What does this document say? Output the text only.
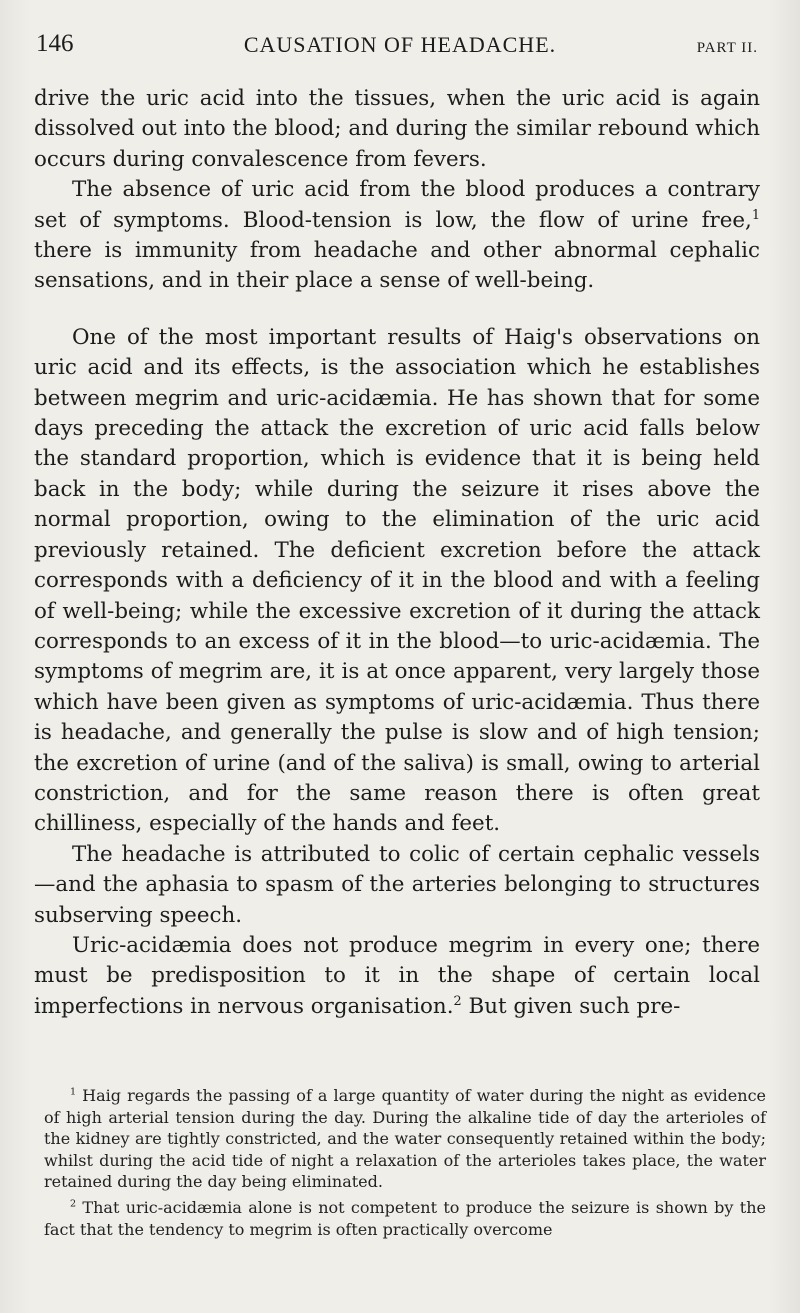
146	CAUSATION OF HEADACHE.	PART II.

drive the uric acid into the tissues, when the uric acid is again dissolved out into the blood; and during the similar rebound which occurs during convalescence from fevers.

The absence of uric acid from the blood produces a contrary set of symptoms. Blood-tension is low, the flow of urine free,$^1$ there is immunity from headache and other abnormal cephalic sensations, and in their place a sense of well-being.

One of the most important results of Haig's observations on uric acid and its effects, is the association which he establishes between megrim and uric-acidæmia. He has shown that for some days preceding the attack the excretion of uric acid falls below the standard proportion, which is evidence that it is being held back in the body; while during the seizure it rises above the normal proportion, owing to the elimination of the uric acid previously retained. The deficient excretion before the attack corresponds with a deficiency of it in the blood and with a feeling of well-being; while the excessive excretion of it during the attack corresponds to an excess of it in the blood—to uric-acidæmia. The symptoms of megrim are, it is at once apparent, very largely those which have been given as symptoms of uric-acidæmia. Thus there is headache, and generally the pulse is slow and of high tension; the excretion of urine (and of the saliva) is small, owing to arterial constriction, and for the same reason there is often great chilliness, especially of the hands and feet.

The headache is attributed to colic of certain cephalic vessels—and the aphasia to spasm of the arteries belonging to structures subserving speech.

Uric-acidæmia does not produce megrim in every one; there must be predisposition to it in the shape of certain local imperfections in nervous organisation.$^2$ But given such pre-

$^1$ Haig regards the passing of a large quantity of water during the night as evidence of high arterial tension during the day. During the alkaline tide of day the arterioles of the kidney are tightly constricted, and the water consequently retained within the body; whilst during the acid tide of night a relaxation of the arterioles takes place, the water retained during the day being eliminated.

$^2$ That uric-acidæmia alone is not competent to produce the seizure is shown by the fact that the tendency to megrim is often practically overcome
